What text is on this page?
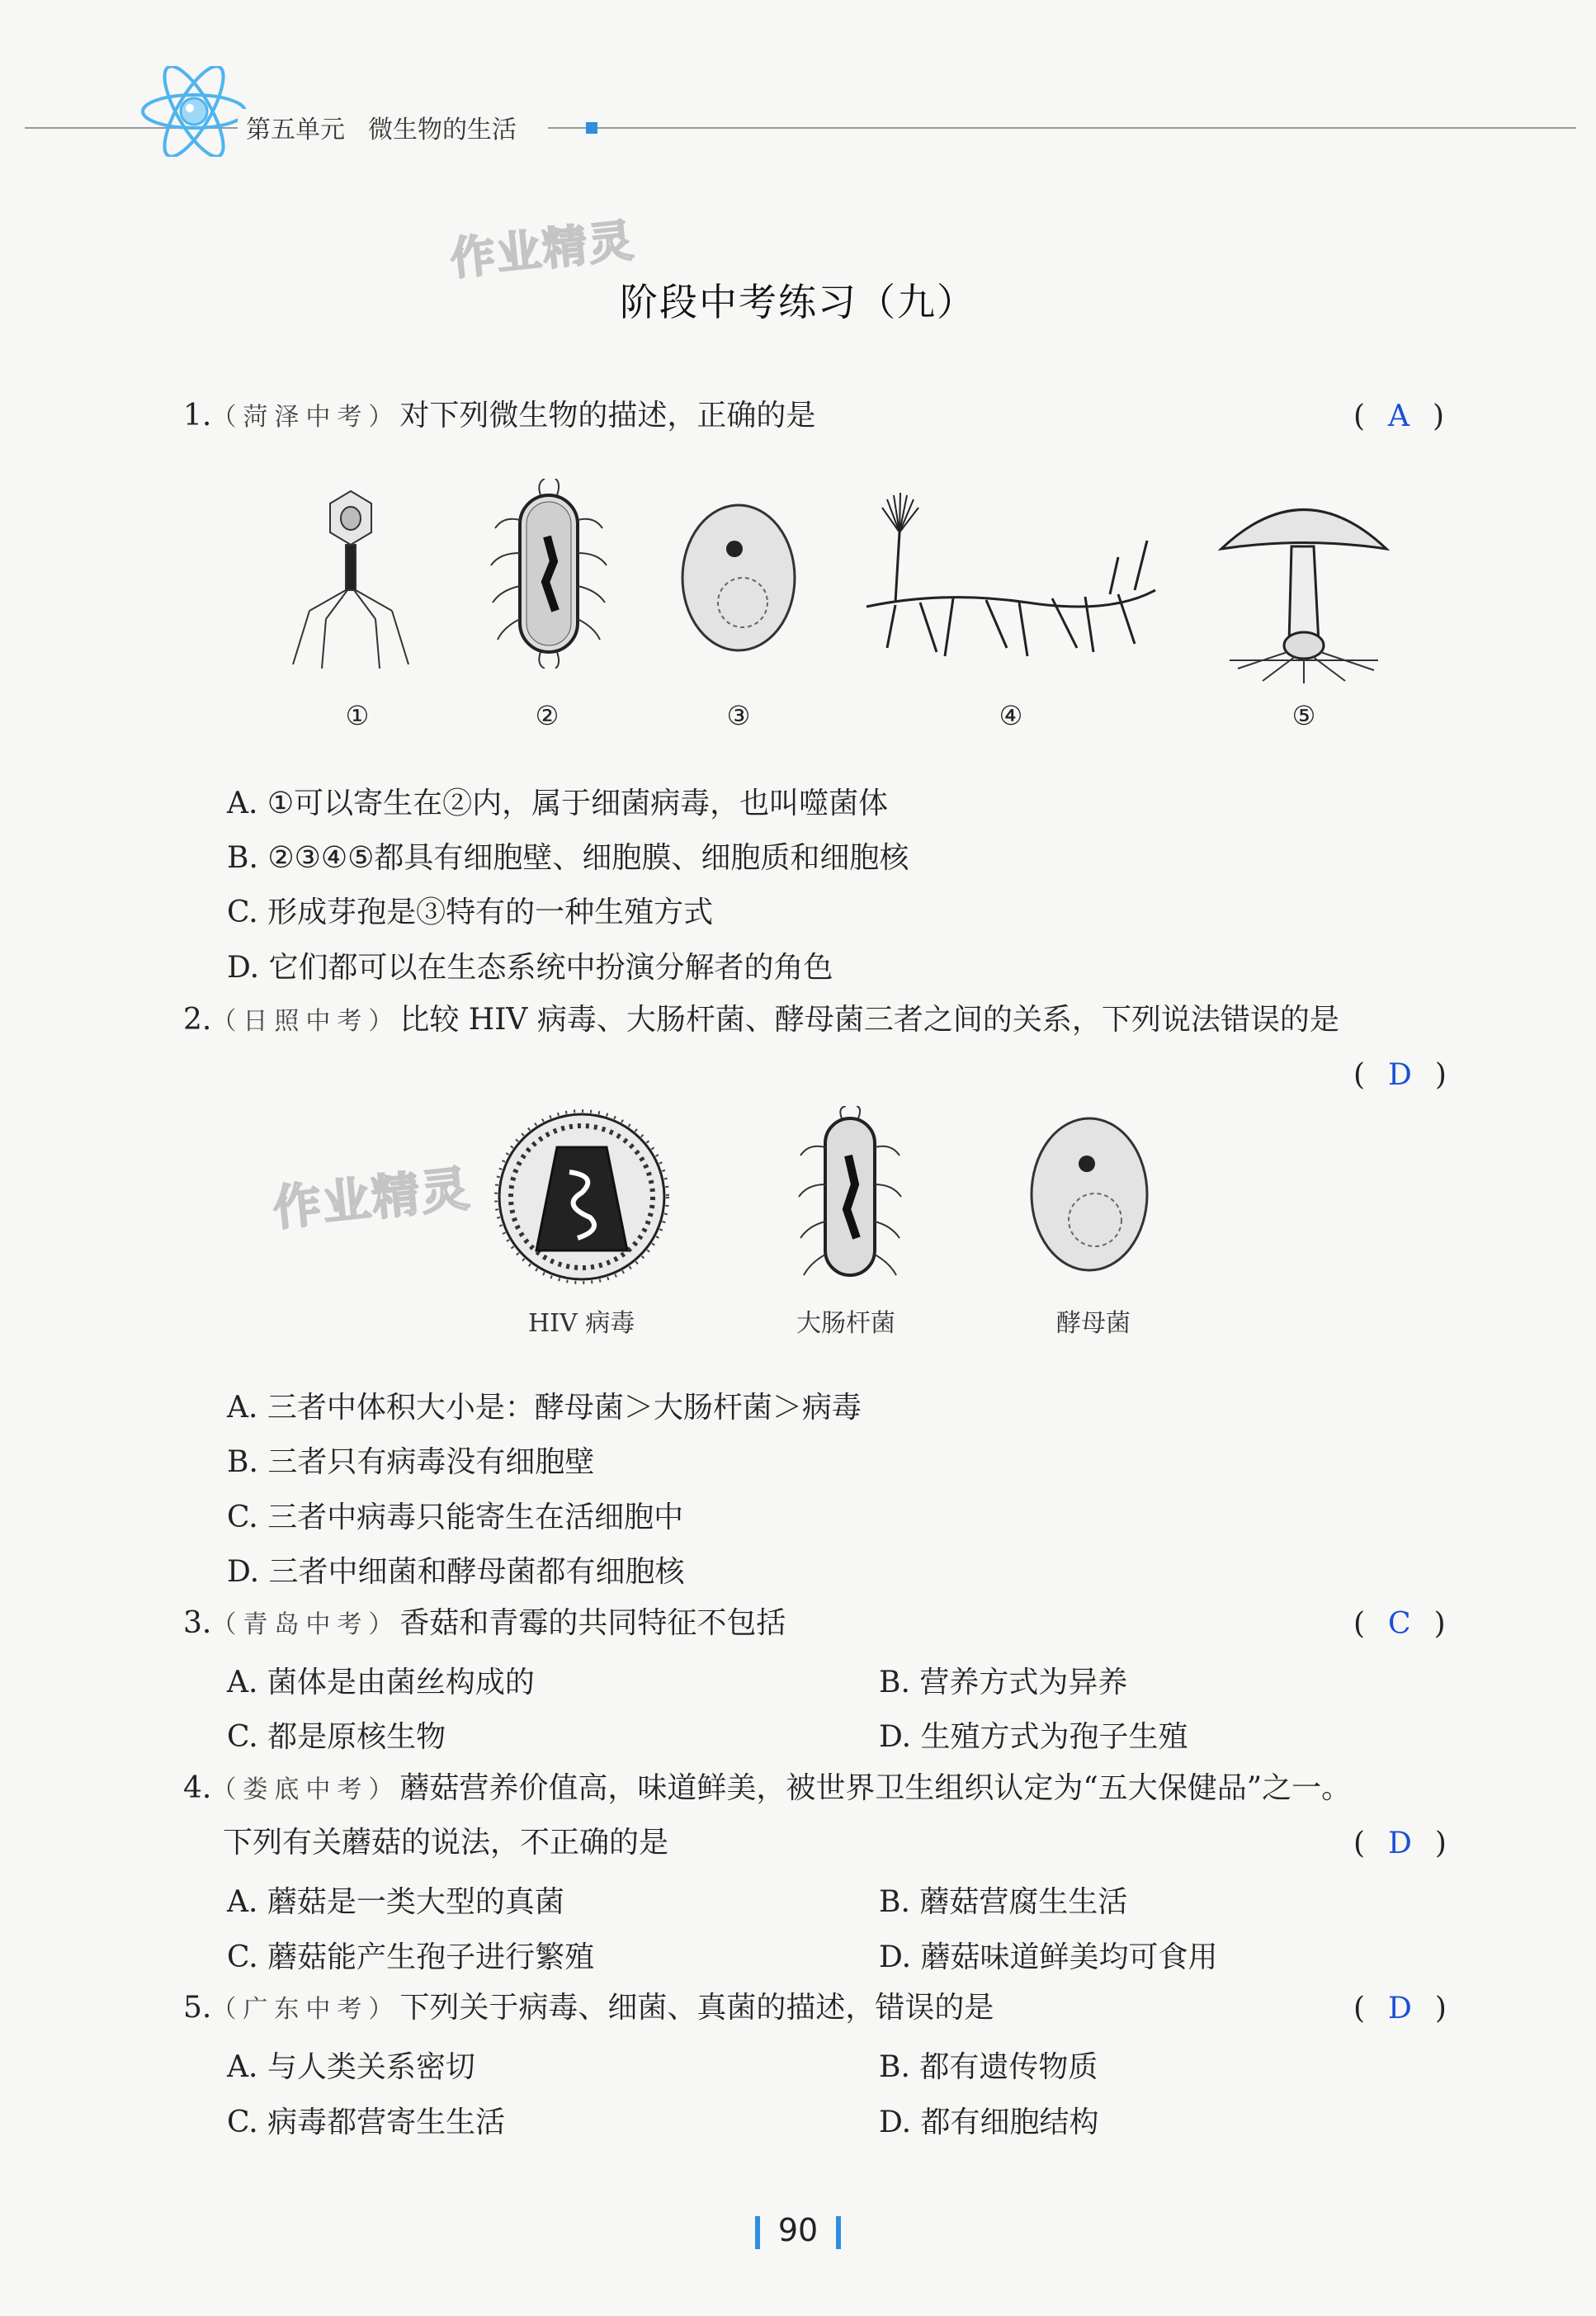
第五单元 微生物的生活
作业精灵
阶段中考练习（九）
1.（菏泽中考）对下列微生物的描述，正确的是	( A )
①	②	③	④	⑤
A. ①可以寄生在②内，属于细菌病毒，也叫噬菌体
B. ②③④⑤都具有细胞壁、细胞膜、细胞质和细胞核
C. 形成芽孢是③特有的一种生殖方式
D. 它们都可以在生态系统中扮演分解者的角色
2.（日照中考）比较 HIV 病毒、大肠杆菌、酵母菌三者之间的关系，下列说法错误的是
( D )
作业精灵
HIV 病毒	大肠杆菌	酵母菌
A. 三者中体积大小是：酵母菌＞大肠杆菌＞病毒
B. 三者只有病毒没有细胞壁
C. 三者中病毒只能寄生在活细胞中
D. 三者中细菌和酵母菌都有细胞核
3.（青岛中考）香菇和青霉的共同特征不包括	( C )
A. 菌体是由菌丝构成的	B. 营养方式为异养
C. 都是原核生物	D. 生殖方式为孢子生殖
4.（娄底中考）蘑菇营养价值高，味道鲜美，被世界卫生组织认定为“五大保健品”之一。
下列有关蘑菇的说法，不正确的是	( D )
A. 蘑菇是一类大型的真菌	B. 蘑菇营腐生生活
C. 蘑菇能产生孢子进行繁殖	D. 蘑菇味道鲜美均可食用
5.（广东中考）下列关于病毒、细菌、真菌的描述，错误的是	( D )
A. 与人类关系密切	B. 都有遗传物质
C. 病毒都营寄生生活	D. 都有细胞结构
90
